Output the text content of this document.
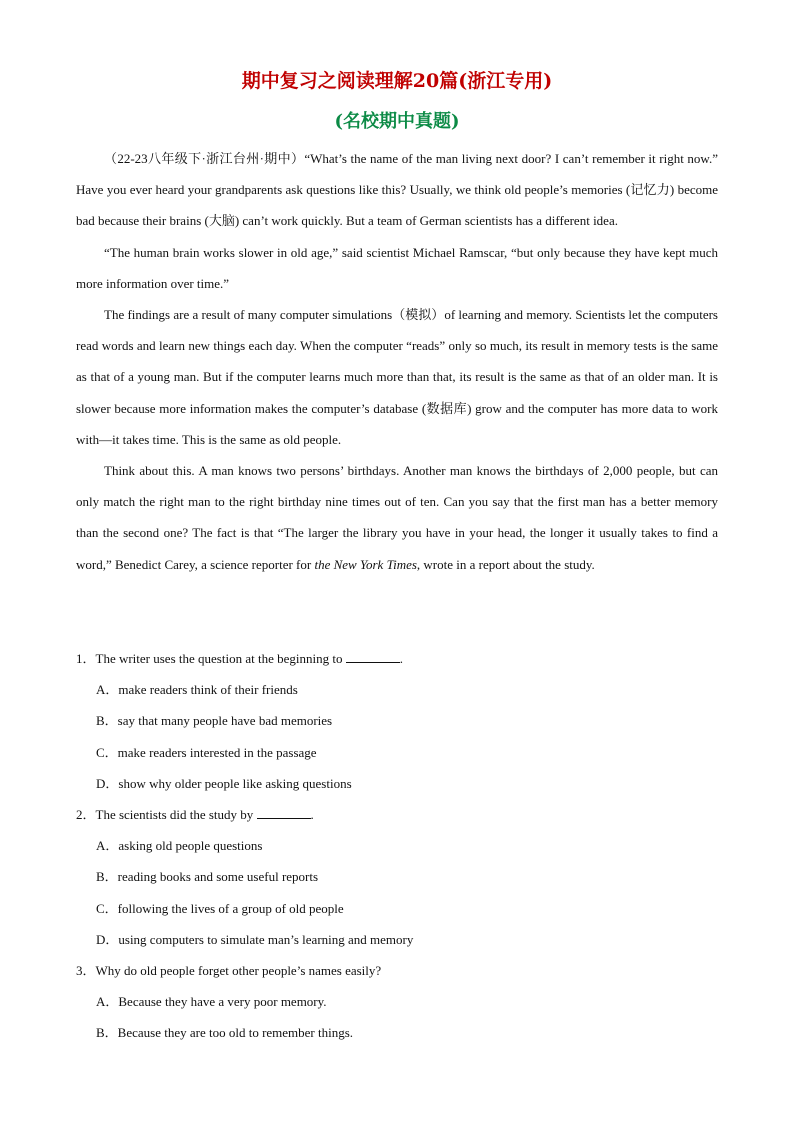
期中复习之阅读理解20篇(浙江专用)
(名校期中真题)

（22-23八年级下·浙江台州·期中）“What’s the name of the man living next door? I can’t remember it right now.” Have you ever heard your grandparents ask questions like this? Usually, we think old people’s memories (记忆力) become bad because their brains (大脑) can’t work quickly. But a team of German scientists has a different idea.

“The human brain works slower in old age,” said scientist Michael Ramscar, “but only because they have kept much more information over time.”

The findings are a result of many computer simulations（模拟）of learning and memory. Scientists let the computers read words and learn new things each day. When the computer “reads” only so much, its result in memory tests is the same as that of a young man. But if the computer learns much more than that, its result is the same as that of an older man. It is slower because more information makes the computer’s database (数据库) grow and the computer has more data to work with—it takes time. This is the same as old people.

Think about this. A man knows two persons’ birthdays. Another man knows the birthdays of 2,000 people, but can only match the right man to the right birthday nine times out of ten. Can you say that the first man has a better memory than the second one? The fact is that “The larger the library you have in your head, the longer it usually takes to find a word,” Benedict Carey, a science reporter for the New York Times, wrote in a report about the study.

1．The writer uses the question at the beginning to	.
A．make readers think of their friends
B．say that many people have bad memories
C．make readers interested in the passage
D．show why older people like asking questions
2．The scientists did the study by	.
A．asking old people questions
B．reading books and some useful reports
C．following the lives of a group of old people
D．using computers to simulate man’s learning and memory
3．Why do old people forget other people’s names easily?
A．Because they have a very poor memory.
B．Because they are too old to remember things.
